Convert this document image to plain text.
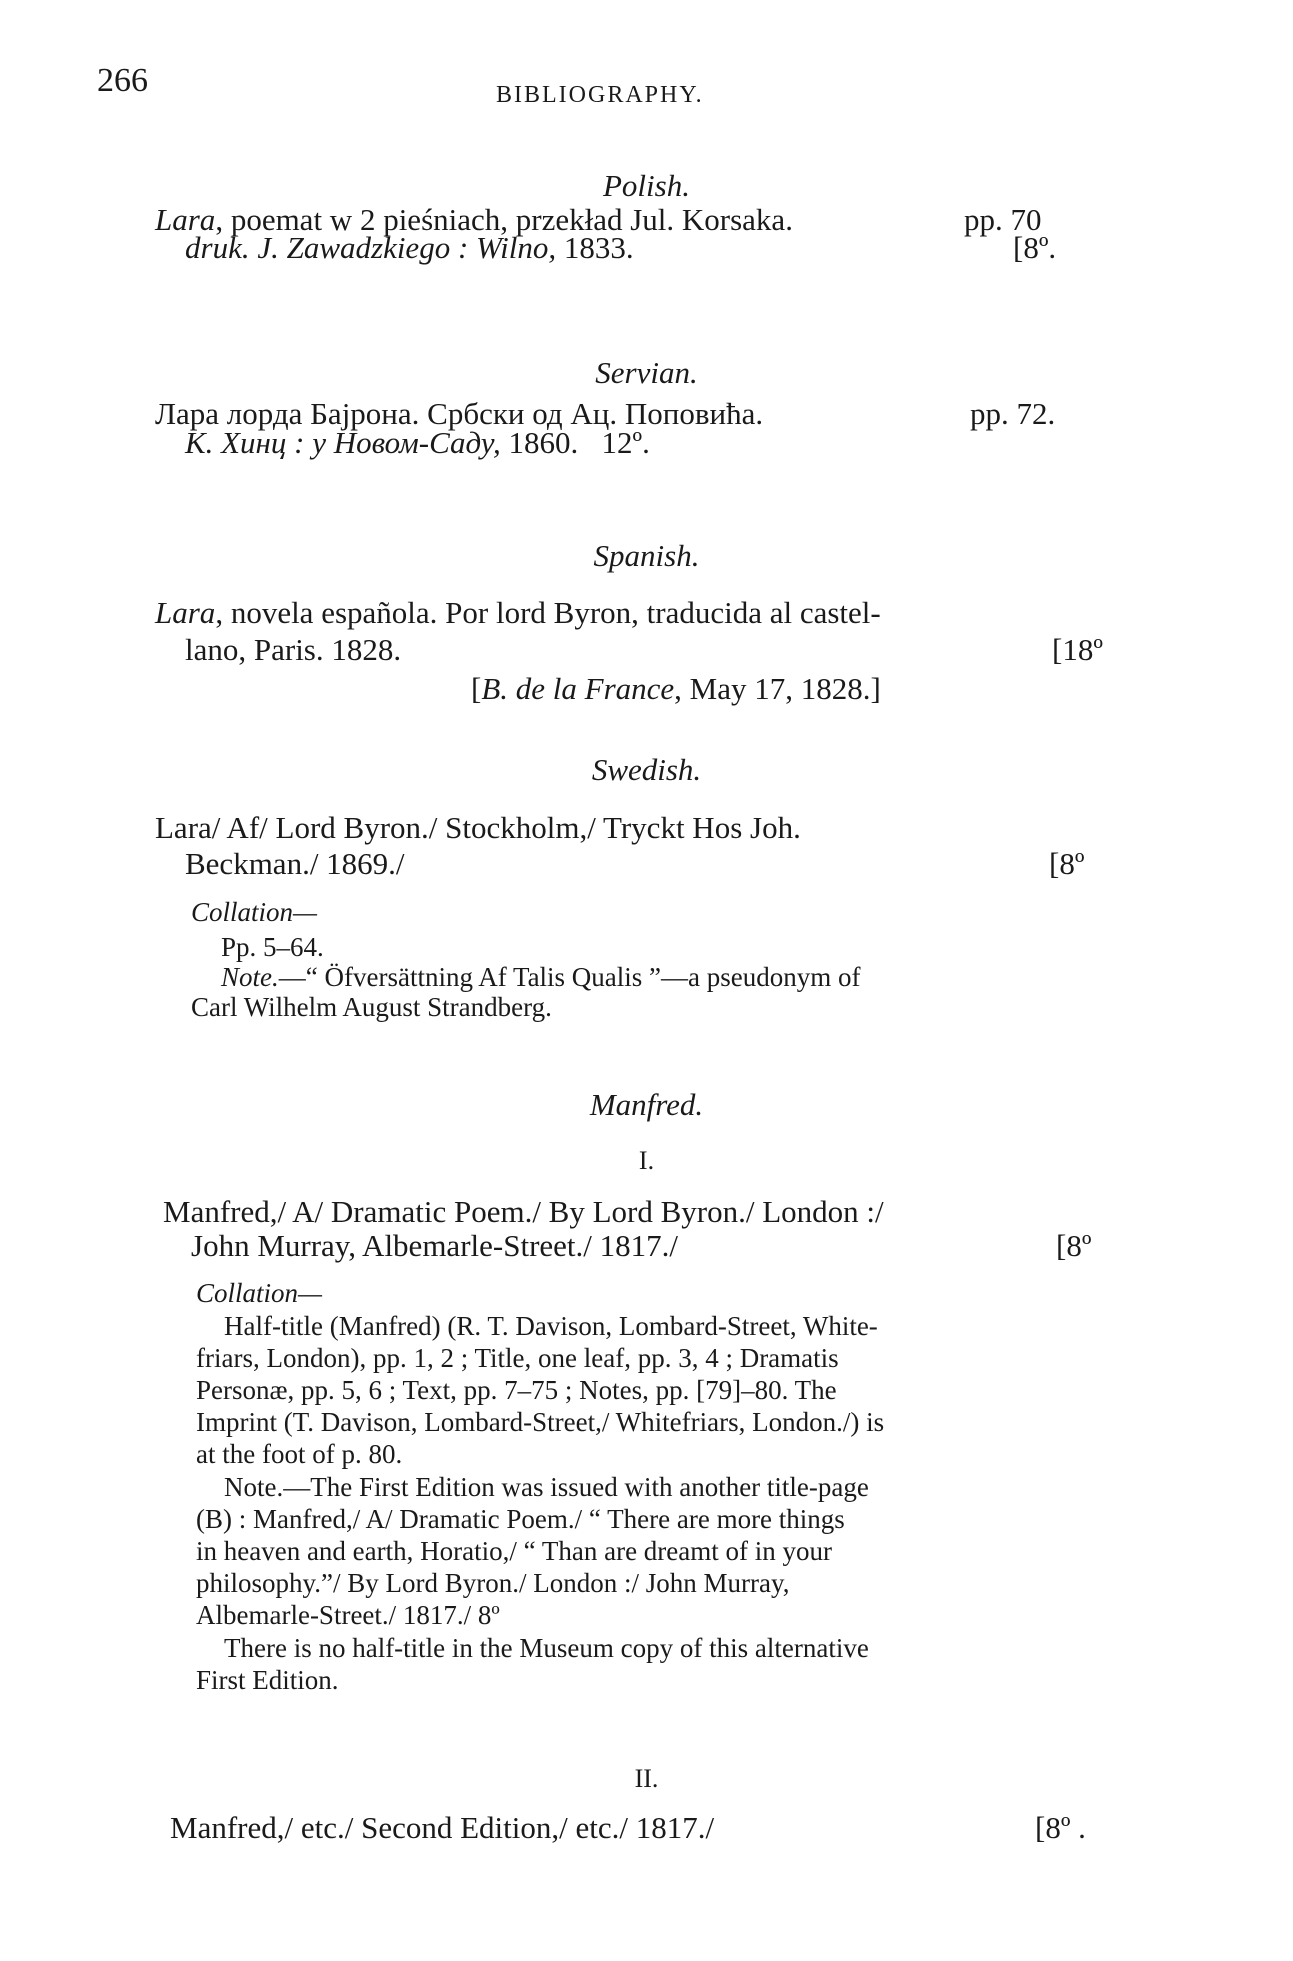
266	BIBLIOGRAPHY.
Polish.
Lara, poemat w 2 pieśniach, przekład Jul. Korsaka.	pp. 70
druk. J. Zawadzkiego : Wilno, 1833.	[8º.
Servian.
Лара лорда Бајрона. Србски од Ац. Поповића.	pp. 72.
К. Хинц : у Новом-Саду, 1860. 12º.
Spanish.
Lara, novela española. Por lord Byron, traducida al castel-
lano, Paris. 1828.	[18º
[B. de la France, May 17, 1828.]
Swedish.
Lara/ Af/ Lord Byron./ Stockholm,/ Tryckt Hos Joh.
Beckman./ 1869./	[8º
Collation—
Pp. 5–64.
Note.—“ Öfversättning Af Talis Qualis ”—a pseudonym of
Carl Wilhelm August Strandberg.
Manfred.
I.
Manfred,/ A/ Dramatic Poem./ By Lord Byron./ London :/
John Murray, Albemarle-Street./ 1817./	[8º
Collation—
Half-title (Manfred) (R. T. Davison, Lombard-Street, White-
friars, London), pp. 1, 2 ; Title, one leaf, pp. 3, 4 ; Dramatis
Personæ, pp. 5, 6 ; Text, pp. 7–75 ; Notes, pp. [79]–80. The
Imprint (T. Davison, Lombard-Street,/ Whitefriars, London./) is
at the foot of p. 80.
Note.—The First Edition was issued with another title-page
(B) : Manfred,/ A/ Dramatic Poem./ “ There are more things
in heaven and earth, Horatio,/ “ Than are dreamt of in your
philosophy.”/ By Lord Byron./ London :/ John Murray,
Albemarle-Street./ 1817./ 8º
There is no half-title in the Museum copy of this alternative
First Edition.
II.
Manfred,/ etc./ Second Edition,/ etc./ 1817./	[8º .
